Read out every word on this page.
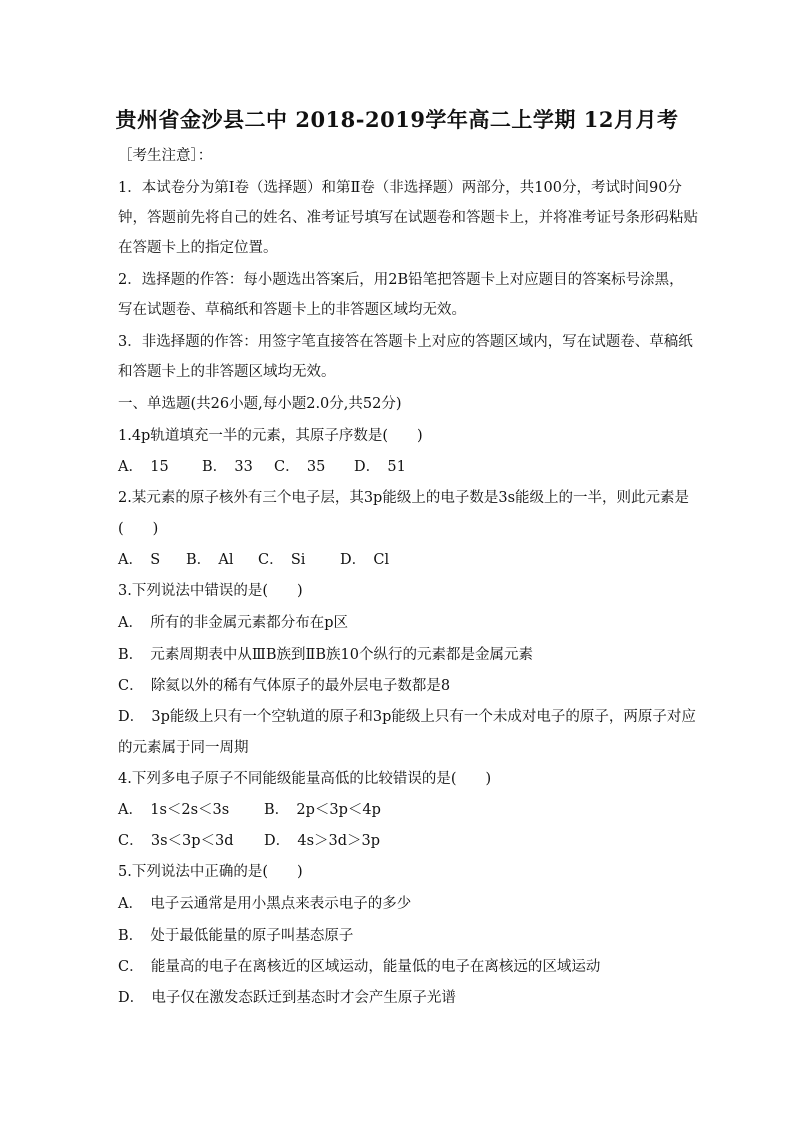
贵州省金沙县二中 2018-2019学年高二上学期 12月月考
［考生注意］：
1．本试卷分为第Ⅰ卷（选择题）和第Ⅱ卷（非选择题）两部分，共100分，考试时间90分
钟，答题前先将自己的姓名、准考证号填写在试题卷和答题卡上，并将准考证号条形码粘贴
在答题卡上的指定位置。
2．选择题的作答：每小题选出答案后，用2B铅笔把答题卡上对应题目的答案标号涂黑，
写在试题卷、草稿纸和答题卡上的非答题区域均无效。
3．非选择题的作答：用签字笔直接答在答题卡上对应的答题区域内，写在试题卷、草稿纸
和答题卡上的非答题区域均无效。
一、单选题(共26小题,每小题2.0分,共52分)
1.4p轨道填充一半的元素，其原子序数是(　　)
A．　15 B．　33 C．　35 D．　51
2.某元素的原子核外有三个电子层，其3p能级上的电子数是3s能级上的一半，则此元素是
(　　)
A．　S B．　Al C．　Si D．　Cl
3.下列说法中错误的是(　　)
A．　所有的非金属元素都分布在p区
B．　元素周期表中从ⅢB族到ⅡB族10个纵行的元素都是金属元素
C．　除氦以外的稀有气体原子的最外层电子数都是8
D．　3p能级上只有一个空轨道的原子和3p能级上只有一个未成对电子的原子，两原子对应
的元素属于同一周期
4.下列多电子原子不同能级能量高低的比较错误的是(　　)
A．　1s＜2s＜3s B．　2p＜3p＜4p
C．　3s＜3p＜3d D．　4s＞3d＞3p
5.下列说法中正确的是(　　)
A．　电子云通常是用小黑点来表示电子的多少
B．　处于最低能量的原子叫基态原子
C．　能量高的电子在离核近的区域运动，能量低的电子在离核远的区域运动
D．　电子仅在激发态跃迁到基态时才会产生原子光谱
